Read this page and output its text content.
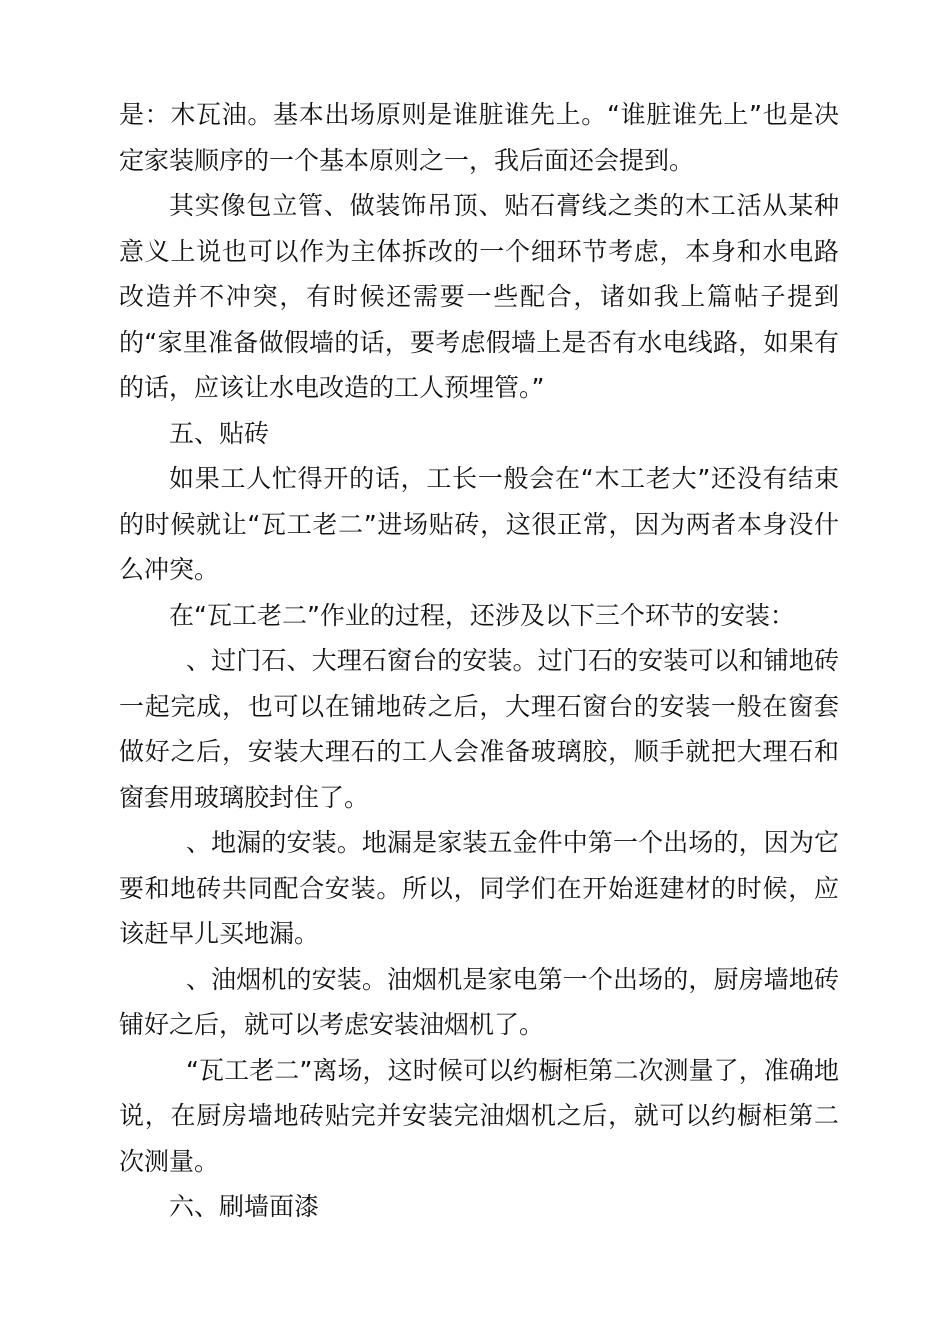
是：木瓦油。基本出场原则是谁脏谁先上。“谁脏谁先上”也是决定家装顺序的一个基本原则之一，我后面还会提到。

其实像包立管、做装饰吊顶、贴石膏线之类的木工活从某种意义上说也可以作为主体拆改的一个细环节考虑，本身和水电路改造并不冲突，有时候还需要一些配合，诸如我上篇帖子提到的“家里准备做假墙的话，要考虑假墙上是否有水电线路，如果有的话，应该让水电改造的工人预埋管。”

五、贴砖

如果工人忙得开的话，工长一般会在“木工老大”还没有结束的时候就让“瓦工老二”进场贴砖，这很正常，因为两者本身没什么冲突。

在“瓦工老二”作业的过程，还涉及以下三个环节的安装：

、过门石、大理石窗台的安装。过门石的安装可以和铺地砖一起完成，也可以在铺地砖之后，大理石窗台的安装一般在窗套做好之后，安装大理石的工人会准备玻璃胶，顺手就把大理石和窗套用玻璃胶封住了。

、地漏的安装。地漏是家装五金件中第一个出场的，因为它要和地砖共同配合安装。所以，同学们在开始逛建材的时候，应该赶早儿买地漏。

、油烟机的安装。油烟机是家电第一个出场的，厨房墙地砖铺好之后，就可以考虑安装油烟机了。

“瓦工老二”离场，这时候可以约橱柜第二次测量了，准确地说，在厨房墙地砖贴完并安装完油烟机之后，就可以约橱柜第二次测量。

六、刷墙面漆
